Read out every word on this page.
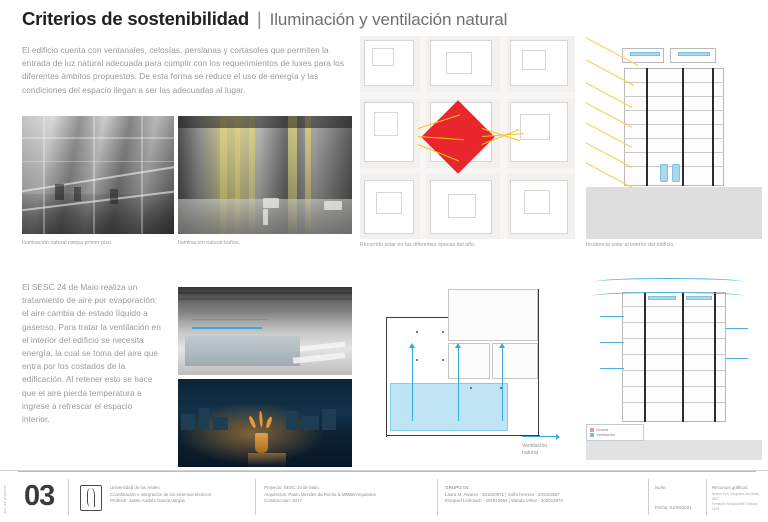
Criterios de sostenibilidad | Iluminación y ventilación natural
El edificio cuenta con ventanales, celosías, persianas y cortasoles que permiten la entrada de luz natural adecuada para cumplir con los requerimientos de luxes para los diferentes ámbitos propuestos. De esta forma se reduce el uso de energía y las condiciones del espacio llegan a ser las adecuadas al lugar.
Iluminación natural rampa primer piso.	Iluminación natural baños.	Recorrido solar en las diferentes épocas del año.	Incidencia solar al interior del edificio.
El SESC 24 de Maio realiza un tratamiento de aire por evaporación: el aire cambia de estado líquido a gaseoso. Para tratar la ventilación en el interior del edificio se necesita energía, la cual se toma del aire que entra por los costados de la edificación. Al retener esto se hace que el aire pierda temperatura e ingrese a refrescar el espacio interior.
Ventilación
natural
Ductos
Ventilación
No. de plancha 03	Universidad de los Andes
Coordinación e integración de los sistemas técnicos
Profesor: Jaime Andrés García Vargas
Proyecto: SESC 24 de Maio
Arquitectos: Paulo Mendes da Rocha & MMBB Arquitetos
Construcción: 2017
GRUPO 04
Laura M. Álvarez - 201820571 | Sofía Herrera - 201923557
Ezequiel Leibovich - 201912984 | Wanda Vélez - 202013870
Norte
Fecha: 01/09/2021
Recursos gráficos:
Nelson Kon, fotografía, ArchDaily, 2017
Fernando Schapochnik, Dibujos, 2019
